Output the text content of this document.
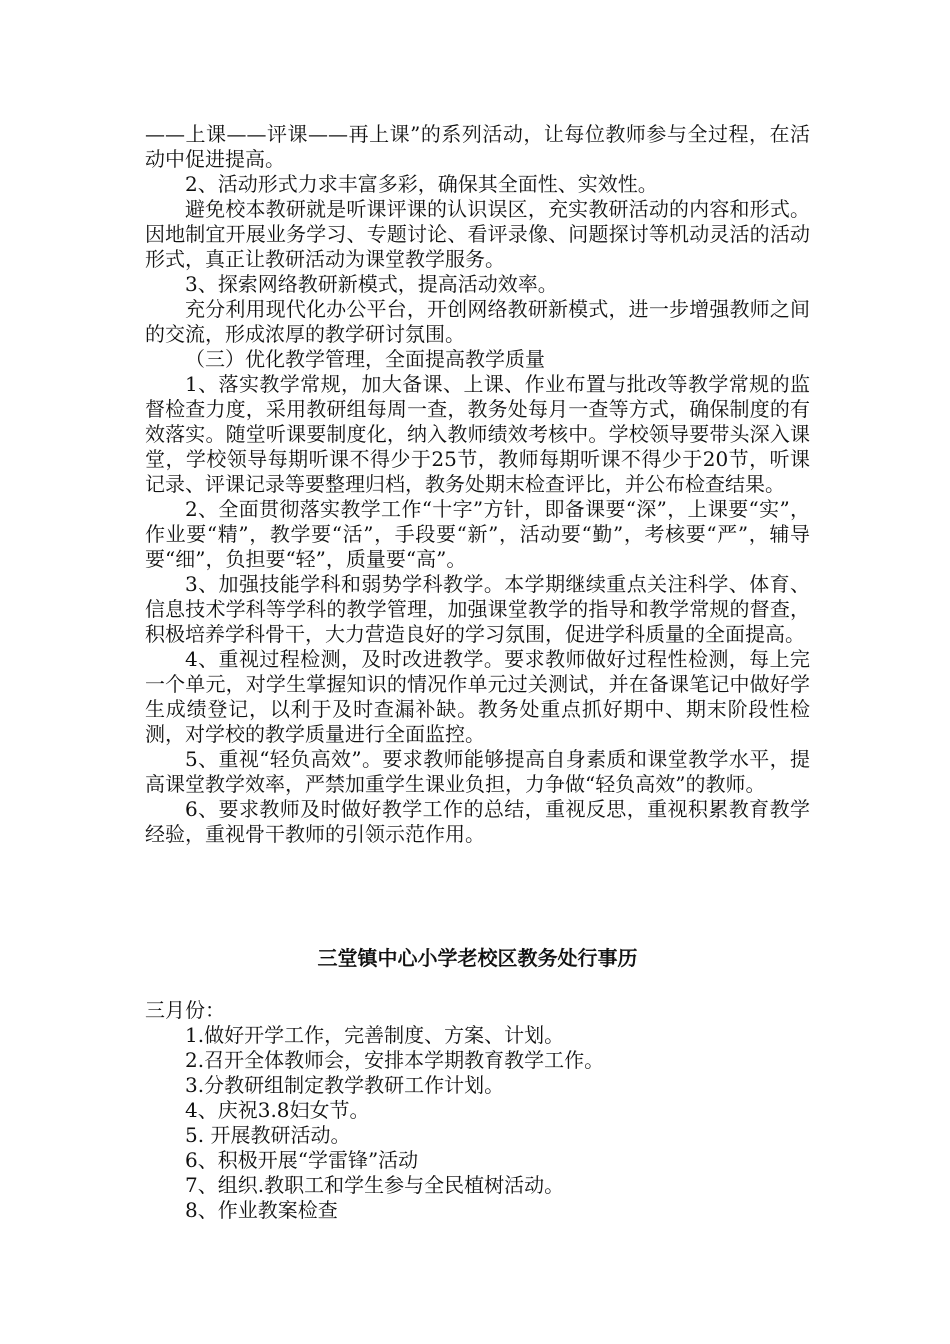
——上课——评课——再上课”的系列活动，让每位教师参与全过程，在活动中促进提高。

2、活动形式力求丰富多彩，确保其全面性、实效性。

避免校本教研就是听课评课的认识误区，充实教研活动的内容和形式。因地制宜开展业务学习、专题讨论、看评录像、问题探讨等机动灵活的活动形式，真正让教研活动为课堂教学服务。

3、探索网络教研新模式，提高活动效率。

充分利用现代化办公平台，开创网络教研新模式，进一步增强教师之间的交流，形成浓厚的教学研讨氛围。

（三）优化教学管理，全面提高教学质量

1、落实教学常规，加大备课、上课、作业布置与批改等教学常规的监督检查力度，采用教研组每周一查，教务处每月一查等方式，确保制度的有效落实。随堂听课要制度化，纳入教师绩效考核中。学校领导要带头深入课堂，学校领导每期听课不得少于25节，教师每期听课不得少于20节，听课记录、评课记录等要整理归档，教务处期末检查评比，并公布检查结果。

2、全面贯彻落实教学工作“十字”方针，即备课要“深”，上课要“实”，作业要“精”，教学要“活”，手段要“新”，活动要“勤”，考核要“严”，辅导要“细”，负担要“轻”，质量要“高”。

3、加强技能学科和弱势学科教学。本学期继续重点关注科学、体育、信息技术学科等学科的教学管理，加强课堂教学的指导和教学常规的督查，积极培养学科骨干，大力营造良好的学习氛围，促进学科质量的全面提高。

4、重视过程检测，及时改进教学。要求教师做好过程性检测，每上完一个单元，对学生掌握知识的情况作单元过关测试，并在备课笔记中做好学生成绩登记，以利于及时查漏补缺。教务处重点抓好期中、期末阶段性检测，对学校的教学质量进行全面监控。

5、重视“轻负高效”。要求教师能够提高自身素质和课堂教学水平，提高课堂教学效率，严禁加重学生课业负担，力争做“轻负高效”的教师。

6、要求教师及时做好教学工作的总结，重视反思，重视积累教育教学经验，重视骨干教师的引领示范作用。

三堂镇中心小学老校区教务处行事历

三月份：

1.做好开学工作，完善制度、方案、计划。

2.召开全体教师会，安排本学期教育教学工作。

3.分教研组制定教学教研工作计划。

4、庆祝3.8妇女节。

5. 开展教研活动。

6、积极开展“学雷锋”活动

7、组织.教职工和学生参与全民植树活动。

8、作业教案检查
